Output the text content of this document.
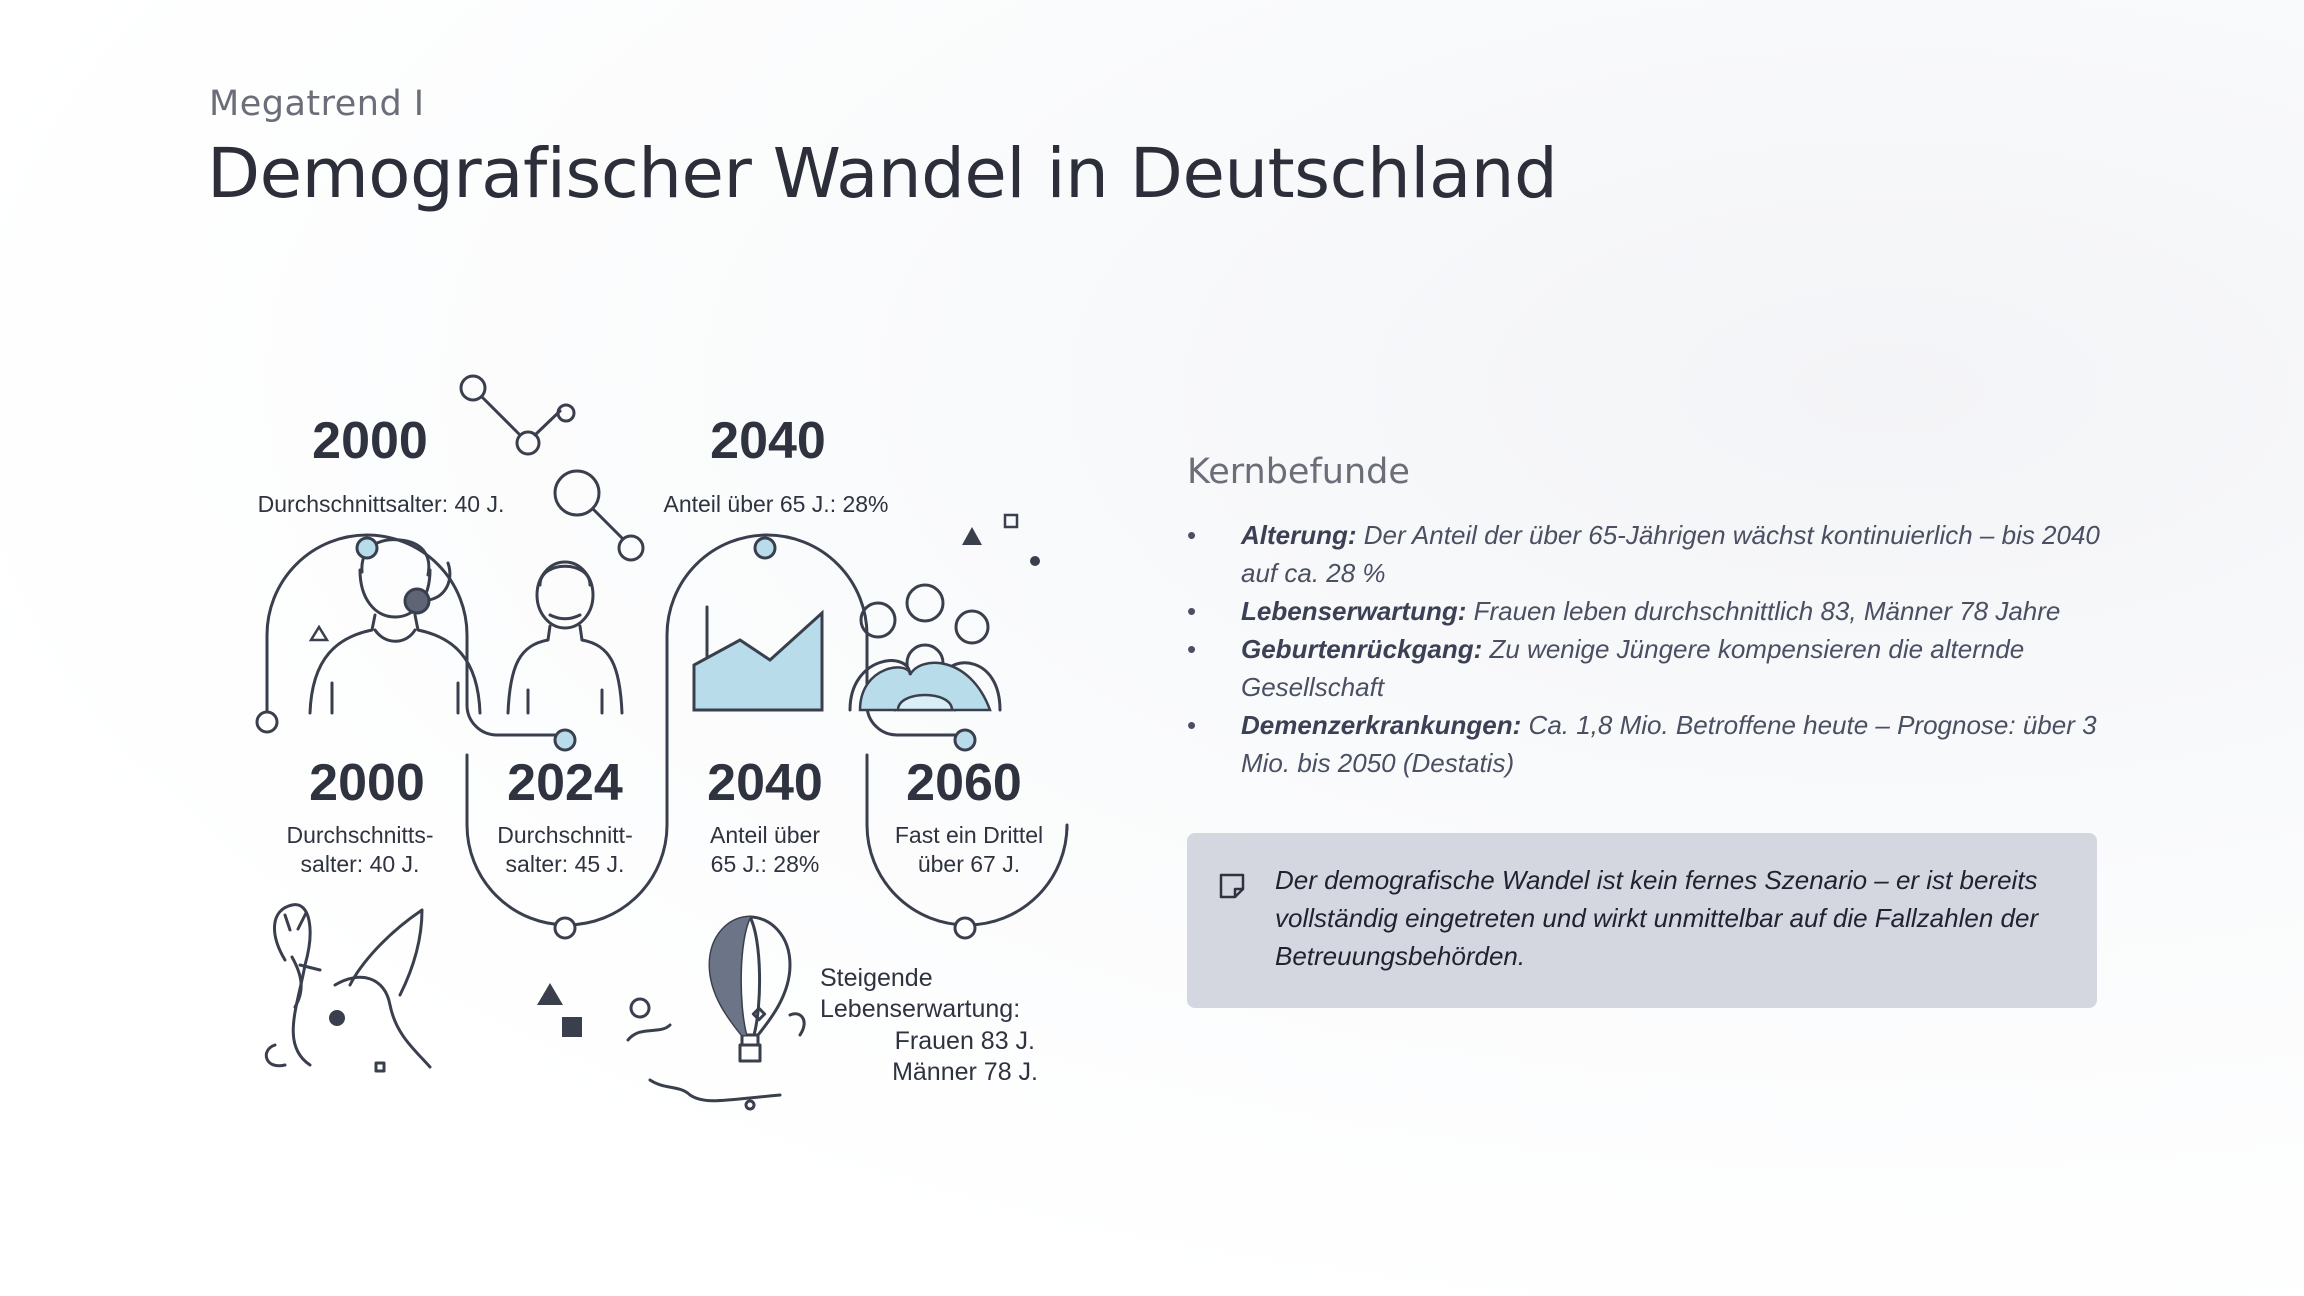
Megatrend I
Demografischer Wandel in Deutschland
2000
Durchschnittsalter: 40 J.
2040
Anteil über 65 J.: 28%
2000
Durchschnitts-
salter: 40 J.
2024
Durchschnitt-
salter: 45 J.
2040
Anteil über
65 J.: 28%
2060
Fast ein Drittel
über 67 J.
Steigende
Lebenserwartung:
Frauen 83 J.
Männer 78 J.
Kernbefunde
• Alterung: Der Anteil der über 65-Jährigen wächst kontinuierlich – bis 2040 auf ca. 28 %
• Lebenserwartung: Frauen leben durchschnittlich 83, Männer 78 Jahre
• Geburtenrückgang: Zu wenige Jüngere kompensieren die alternde Gesellschaft
• Demenzerkrankungen: Ca. 1,8 Mio. Betroffene heute – Prognose: über 3 Mio. bis 2050 (Destatis)
Der demografische Wandel ist kein fernes Szenario – er ist bereits vollständig eingetreten und wirkt unmittelbar auf die Fallzahlen der Betreuungsbehörden.
